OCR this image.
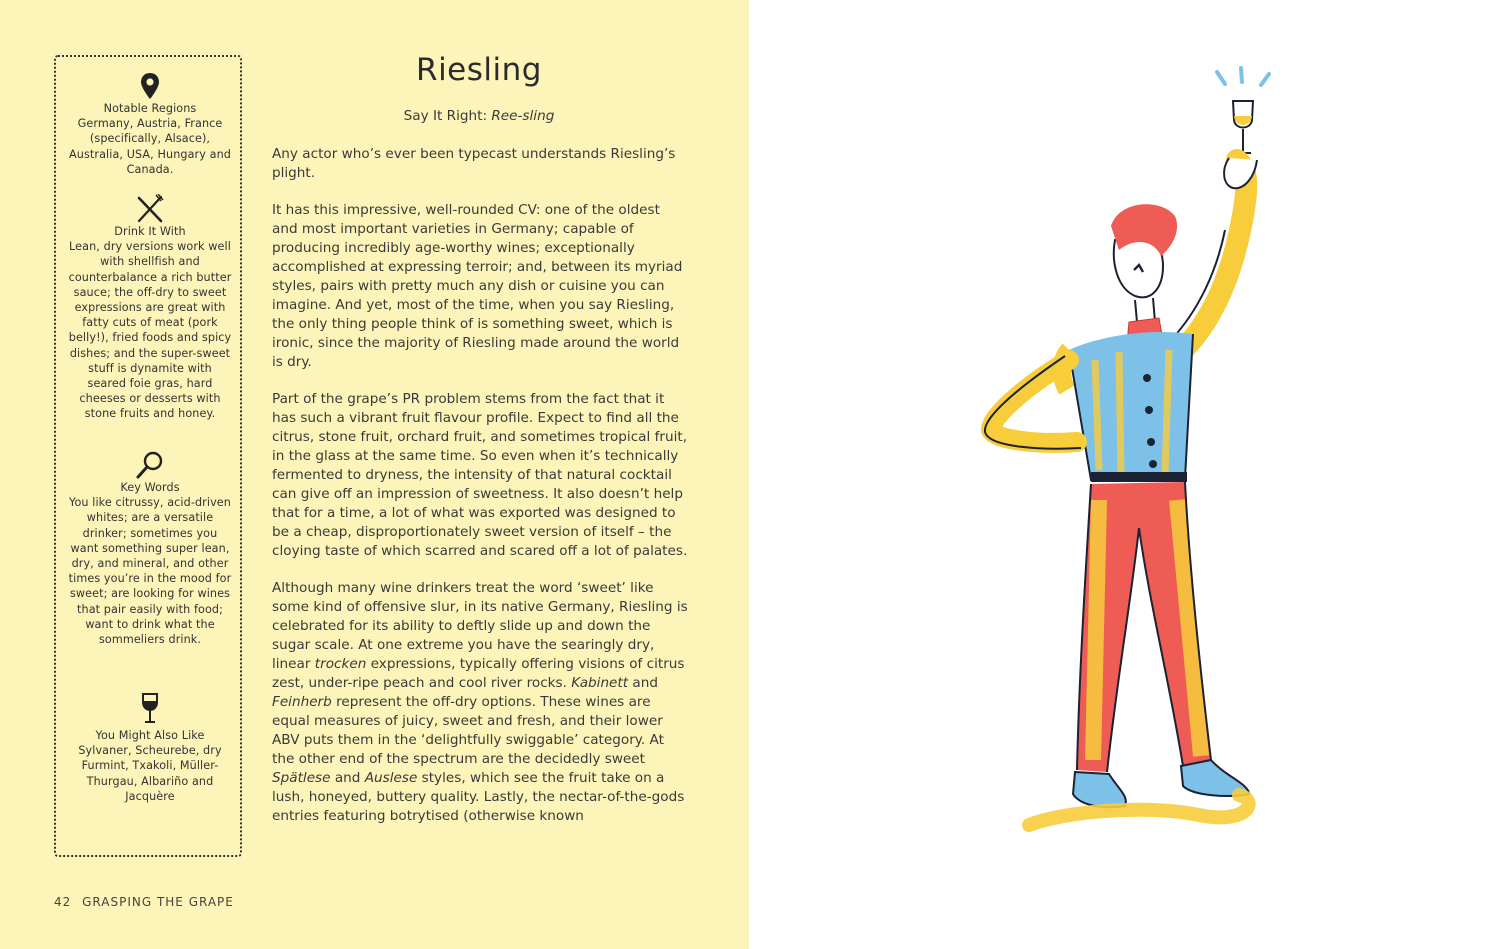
Notable Regions
Germany, Austria, France (specifically, Alsace), Australia, USA, Hungary and Canada.
Drink It With
Lean, dry versions work well with shellfish and counterbalance a rich butter sauce; the off-dry to sweet expressions are great with fatty cuts of meat (pork belly!), fried foods and spicy dishes; and the super-sweet stuff is dynamite with seared foie gras, hard cheeses or desserts with stone fruits and honey.
Key Words
You like citrussy, acid-driven whites; are a versatile drinker; sometimes you want something super lean, dry, and mineral, and other times you’re in the mood for sweet; are looking for wines that pair easily with food; want to drink what the sommeliers drink.
You Might Also Like
Sylvaner, Scheurebe, dry Furmint, Txakoli, Müller-Thurgau, Albariño and Jacquère
Riesling
Say It Right: Ree-sling

Any actor who’s ever been typecast understands Riesling’s plight.

It has this impressive, well-rounded CV: one of the oldest and most important varieties in Germany; capable of producing incredibly age-worthy wines; exceptionally accomplished at expressing terroir; and, between its myriad styles, pairs with pretty much any dish or cuisine you can imagine. And yet, most of the time, when you say Riesling, the only thing people think of is something sweet, which is ironic, since the majority of Riesling made around the world is dry.

Part of the grape’s PR problem stems from the fact that it has such a vibrant fruit flavour profile. Expect to find all the citrus, stone fruit, orchard fruit, and sometimes tropical fruit, in the glass at the same time. So even when it’s technically fermented to dryness, the intensity of that natural cocktail can give off an impression of sweetness. It also doesn’t help that for a time, a lot of what was exported was designed to be a cheap, disproportionately sweet version of itself – the cloying taste of which scarred and scared off a lot of palates.

Although many wine drinkers treat the word ‘sweet’ like some kind of offensive slur, in its native Germany, Riesling is celebrated for its ability to deftly slide up and down the sugar scale. At one extreme you have the searingly dry, linear trocken expressions, typically offering visions of citrus zest, under-ripe peach and cool river rocks. Kabinett and Feinherb represent the off-dry options. These wines are equal measures of juicy, sweet and fresh, and their lower ABV puts them in the ‘delightfully swiggable’ category. At the other end of the spectrum are the decidedly sweet Spätlese and Auslese styles, which see the fruit take on a lush, honeyed, buttery quality. Lastly, the nectar-of-the-gods entries featuring botrytised (otherwise known

42 GRASPING THE GRAPE
